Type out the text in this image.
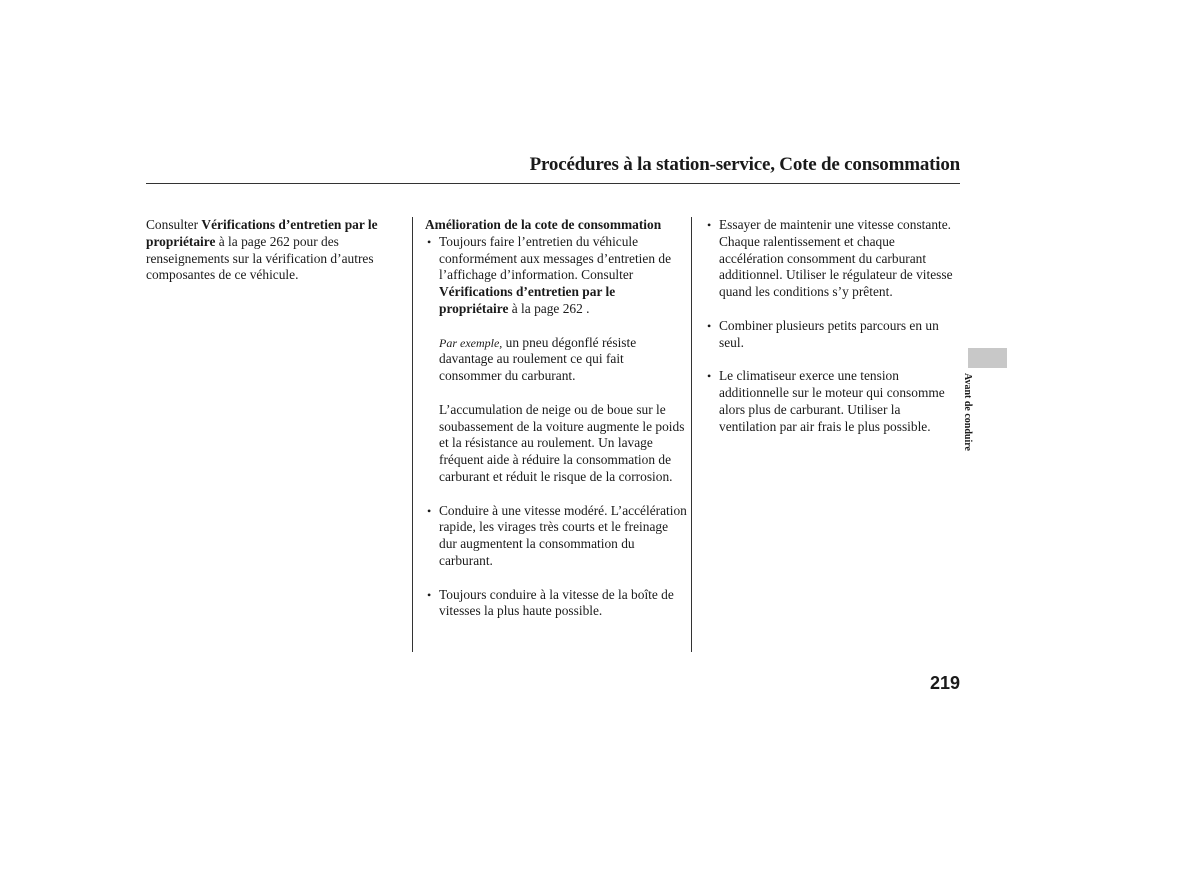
Procédures à la station-service, Cote de consommation

Consulter Vérifications d’entretien par le propriétaire à la page 262 pour des renseignements sur la vérification d’autres composantes de ce véhicule.

Amélioration de la cote de consommation

• Toujours faire l’entretien du véhicule conformément aux messages d’entretien de l’affichage d’information. Consulter Vérifications d’entretien par le propriétaire à la page 262 .

Par exemple, un pneu dégonflé résiste davantage au roulement ce qui fait consommer du carburant.

L’accumulation de neige ou de boue sur le soubassement de la voiture augmente le poids et la résistance au roulement. Un lavage fréquent aide à réduire la consommation de carburant et réduit le risque de la corrosion.

• Conduire à une vitesse modéré. L’accélération rapide, les virages très courts et le freinage dur augmentent la consommation du carburant.

• Toujours conduire à la vitesse de la boîte de vitesses la plus haute possible.

• Essayer de maintenir une vitesse constante. Chaque ralentissement et chaque accélération consomment du carburant additionnel. Utiliser le régulateur de vitesse quand les conditions s’y prêtent.

• Combiner plusieurs petits parcours en un seul.

• Le climatiseur exerce une tension additionnelle sur le moteur qui consomme alors plus de carburant. Utiliser la ventilation par air frais le plus possible.	Avant de conduire
219
